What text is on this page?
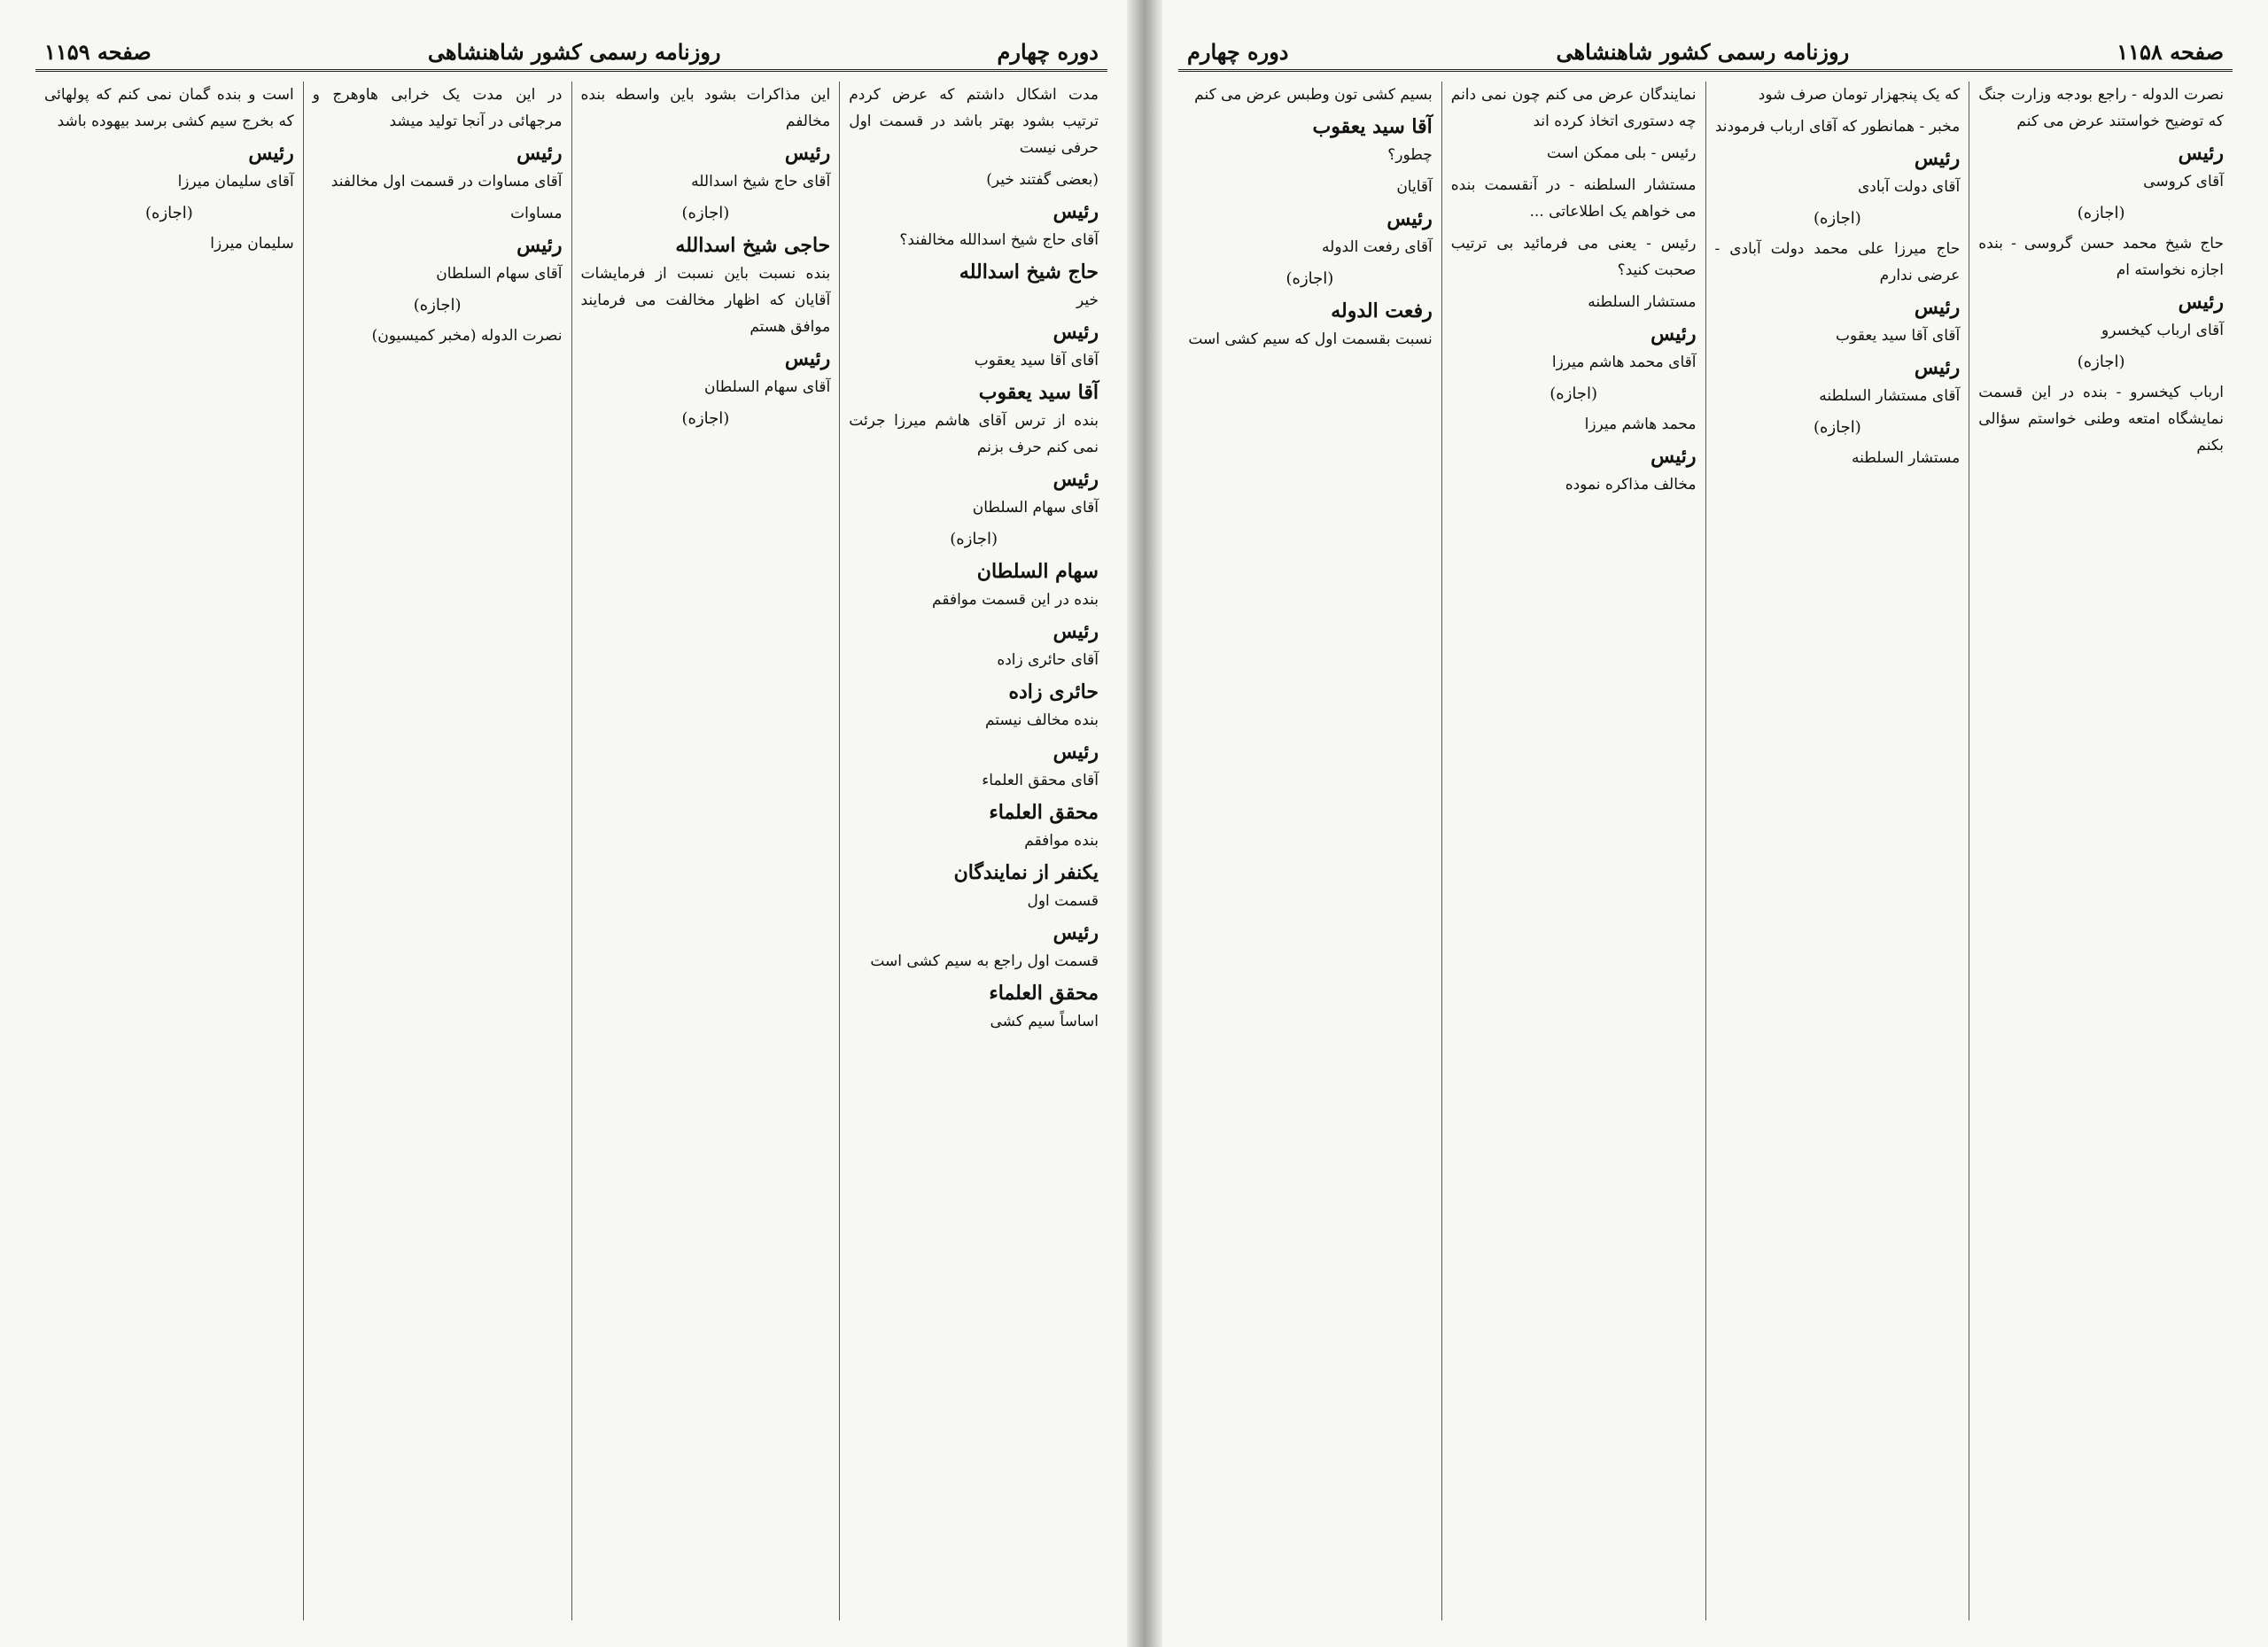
صفحه ۱۱۵۸
روزنامه رسمی کشور شاهنشاهی
دوره چهارم
نصرت الدوله - راجع بودجه وزارت جنگ که توضیح خواستند عرض می کنم
رئیس
آقای کروسی
(اجازه)
حاج شیخ محمد حسن گروسی - بنده اجازه نخواسته ام
رئیس
آقای ارباب کیخسرو
(اجازه)
ارباب کیخسرو - بنده در این قسمت نمایشگاه امتعه وطنی خواستم سؤالی بکنم
که یک پنجهزار تومان صرف شود
مخبر - همانطور که آقای ارباب فرمودند
رئیس
آقای دولت آبادی
(اجازه)
حاج میرزا علی محمد دولت آبادی - عرضی ندارم
رئیس
آقای آقا سید یعقوب
رئیس
آقای مستشار السلطنه
(اجازه)
مستشار السلطنه
نمایندگان عرض می کنم چون نمی دانم چه دستوری اتخاذ کرده اند
رئیس - بلی ممکن است
مستشار السلطنه - در آنقسمت بنده می خواهم یک اطلاعاتی ...
رئیس - یعنی می فرمائید بی ترتیب صحبت کنید؟
مستشار السلطنه
رئیس
آقای محمد هاشم میرزا
(اجازه)
محمد هاشم میرزا
رئیس
مخالف مذاکره نموده
بسیم کشی تون وطبس عرض می کنم
آقا سید یعقوب
چطور؟
آقایان
رئیس
آقای رفعت الدوله
(اجازه)
رفعت الدوله
نسبت بقسمت اول که سیم کشی است
دوره چهارم
روزنامه رسمی کشور شاهنشاهی
صفحه ۱۱۵۹
مدت اشکال داشتم که عرض کردم ترتیب بشود بهتر باشد در قسمت اول حرفی نیست
(بعضی گفتند خیر)
رئیس
آقای حاج شیخ اسدالله مخالفند؟
حاج شیخ اسدالله
خیر
رئیس
آقای آقا سید یعقوب
آقا سید یعقوب
بنده از ترس آقای هاشم میرزا جرئت نمی کنم حرف بزنم
رئیس
آقای سهام السلطان
(اجازه)
سهام السلطان
بنده در این قسمت موافقم
رئیس
آقای حائری زاده
حائری زاده
بنده مخالف نیستم
رئیس
آقای محقق العلماء
محقق العلماء
بنده موافقم
یکنفر از نمایندگان
قسمت اول
رئیس
قسمت اول راجع به سیم کشی است
محقق العلماء
اساساً سیم کشی
این مذاکرات بشود باین واسطه بنده مخالفم
رئیس
آقای حاج شیخ اسدالله
(اجازه)
حاجی شیخ اسدالله
بنده نسبت باین نسبت از فرمایشات آقایان که اظهار مخالفت می فرمایند موافق هستم
رئیس
آقای سهام السلطان
(اجازه)
در این مدت یک خرابی هاوهرج و مرجهائی در آنجا تولید میشد
رئیس
آقای مساوات در قسمت اول مخالفند
مساوات
رئیس
آقای سهام السلطان
(اجازه)
نصرت الدوله (مخبر کمیسیون)
است و بنده گمان نمی کنم که پولهائی که بخرج سیم کشی برسد بیهوده باشد
رئیس
آقای سلیمان میرزا
(اجازه)
سلیمان میرزا
